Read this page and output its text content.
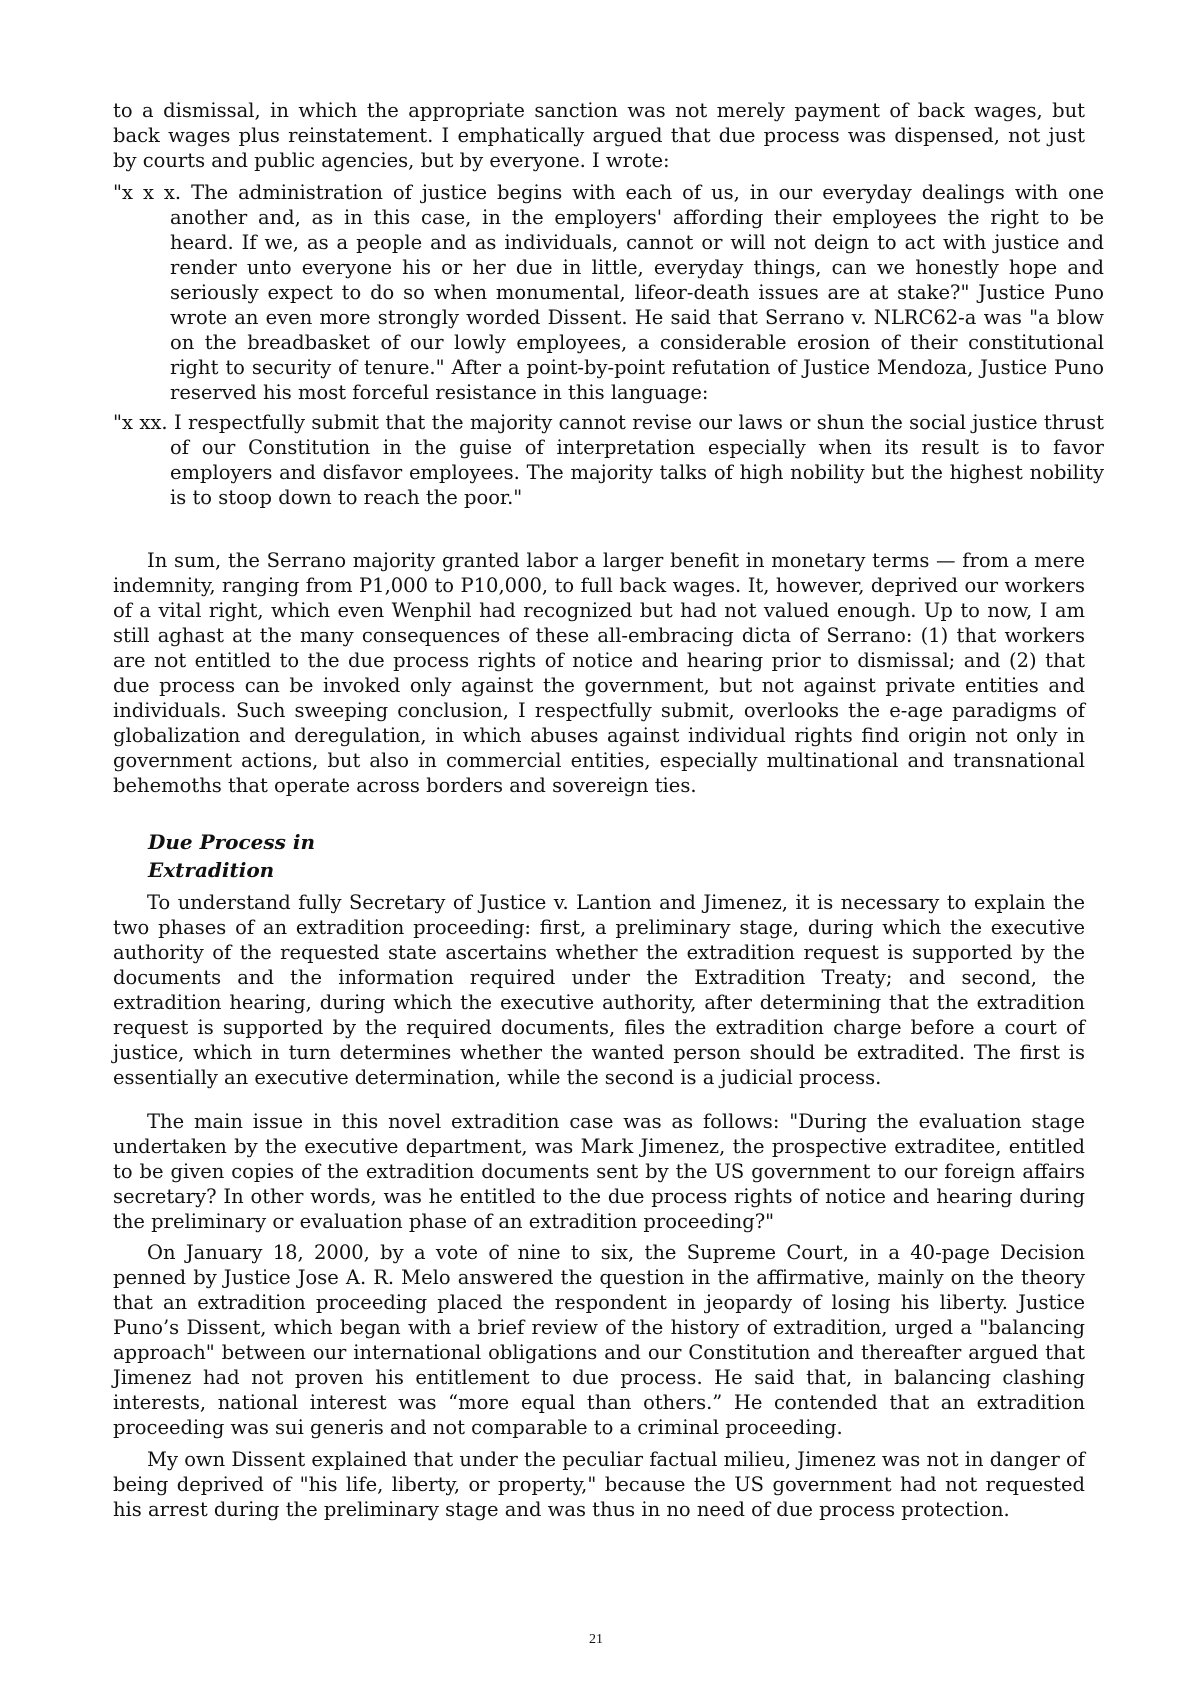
to a dismissal, in which the appropriate sanction was not merely payment of back wages, but back wages plus reinstatement. I emphatically argued that due process was dispensed, not just by courts and public agencies, but by everyone. I wrote:

"x x x. The administration of justice begins with each of us, in our everyday dealings with one another and, as in this case, in the employers' affording their employees the right to be heard. If we, as a people and as individuals, cannot or will not deign to act with justice and render unto everyone his or her due in little, everyday things, can we honestly hope and seriously expect to do so when monumental, lifeor-death issues are at stake?" Justice Puno wrote an even more strongly worded Dissent. He said that Serrano v. NLRC62-a was "a blow on the breadbasket of our lowly employees, a considerable erosion of their constitutional right to security of tenure." After a point-by-point refutation of Justice Mendoza, Justice Puno reserved his most forceful resistance in this language:

"x xx. I respectfully submit that the majority cannot revise our laws or shun the social justice thrust of our Constitution in the guise of interpretation especially when its result is to favor employers and disfavor employees. The majority talks of high nobility but the highest nobility is to stoop down to reach the poor."

In sum, the Serrano majority granted labor a larger benefit in monetary terms — from a mere indemnity, ranging from P1,000 to P10,000, to full back wages. It, however, deprived our workers of a vital right, which even Wenphil had recognized but had not valued enough. Up to now, I am still aghast at the many consequences of these all-embracing dicta of Serrano: (1) that workers are not entitled to the due process rights of notice and hearing prior to dismissal; and (2) that due process can be invoked only against the government, but not against private entities and individuals. Such sweeping conclusion, I respectfully submit, overlooks the e-age paradigms of globalization and deregulation, in which abuses against individual rights find origin not only in government actions, but also in commercial entities, especially multinational and transnational behemoths that operate across borders and sovereign ties.

Due Process in

Extradition

To understand fully Secretary of Justice v. Lantion and Jimenez, it is necessary to explain the two phases of an extradition proceeding: first, a preliminary stage, during which the executive authority of the requested state ascertains whether the extradition request is supported by the documents and the information required under the Extradition Treaty; and second, the extradition hearing, during which the executive authority, after determining that the extradition request is supported by the required documents, files the extradition charge before a court of justice, which in turn determines whether the wanted person should be extradited. The first is essentially an executive determination, while the second is a judicial process.

The main issue in this novel extradition case was as follows: "During the evaluation stage undertaken by the executive department, was Mark Jimenez, the prospective extraditee, entitled to be given copies of the extradition documents sent by the US government to our foreign affairs secretary? In other words, was he entitled to the due process rights of notice and hearing during the preliminary or evaluation phase of an extradition proceeding?"

On January 18, 2000, by a vote of nine to six, the Supreme Court, in a 40-page Decision penned by Justice Jose A. R. Melo answered the question in the affirmative, mainly on the theory that an extradition proceeding placed the respondent in jeopardy of losing his liberty. Justice Puno’s Dissent, which began with a brief review of the history of extradition, urged a "balancing approach" between our international obligations and our Constitution and thereafter argued that Jimenez had not proven his entitlement to due process. He said that, in balancing clashing interests, national interest was “more equal than others.” He contended that an extradition proceeding was sui generis and not comparable to a criminal proceeding.

My own Dissent explained that under the peculiar factual milieu, Jimenez was not in danger of being deprived of "his life, liberty, or property," because the US government had not requested his arrest during the preliminary stage and was thus in no need of due process protection.

21
